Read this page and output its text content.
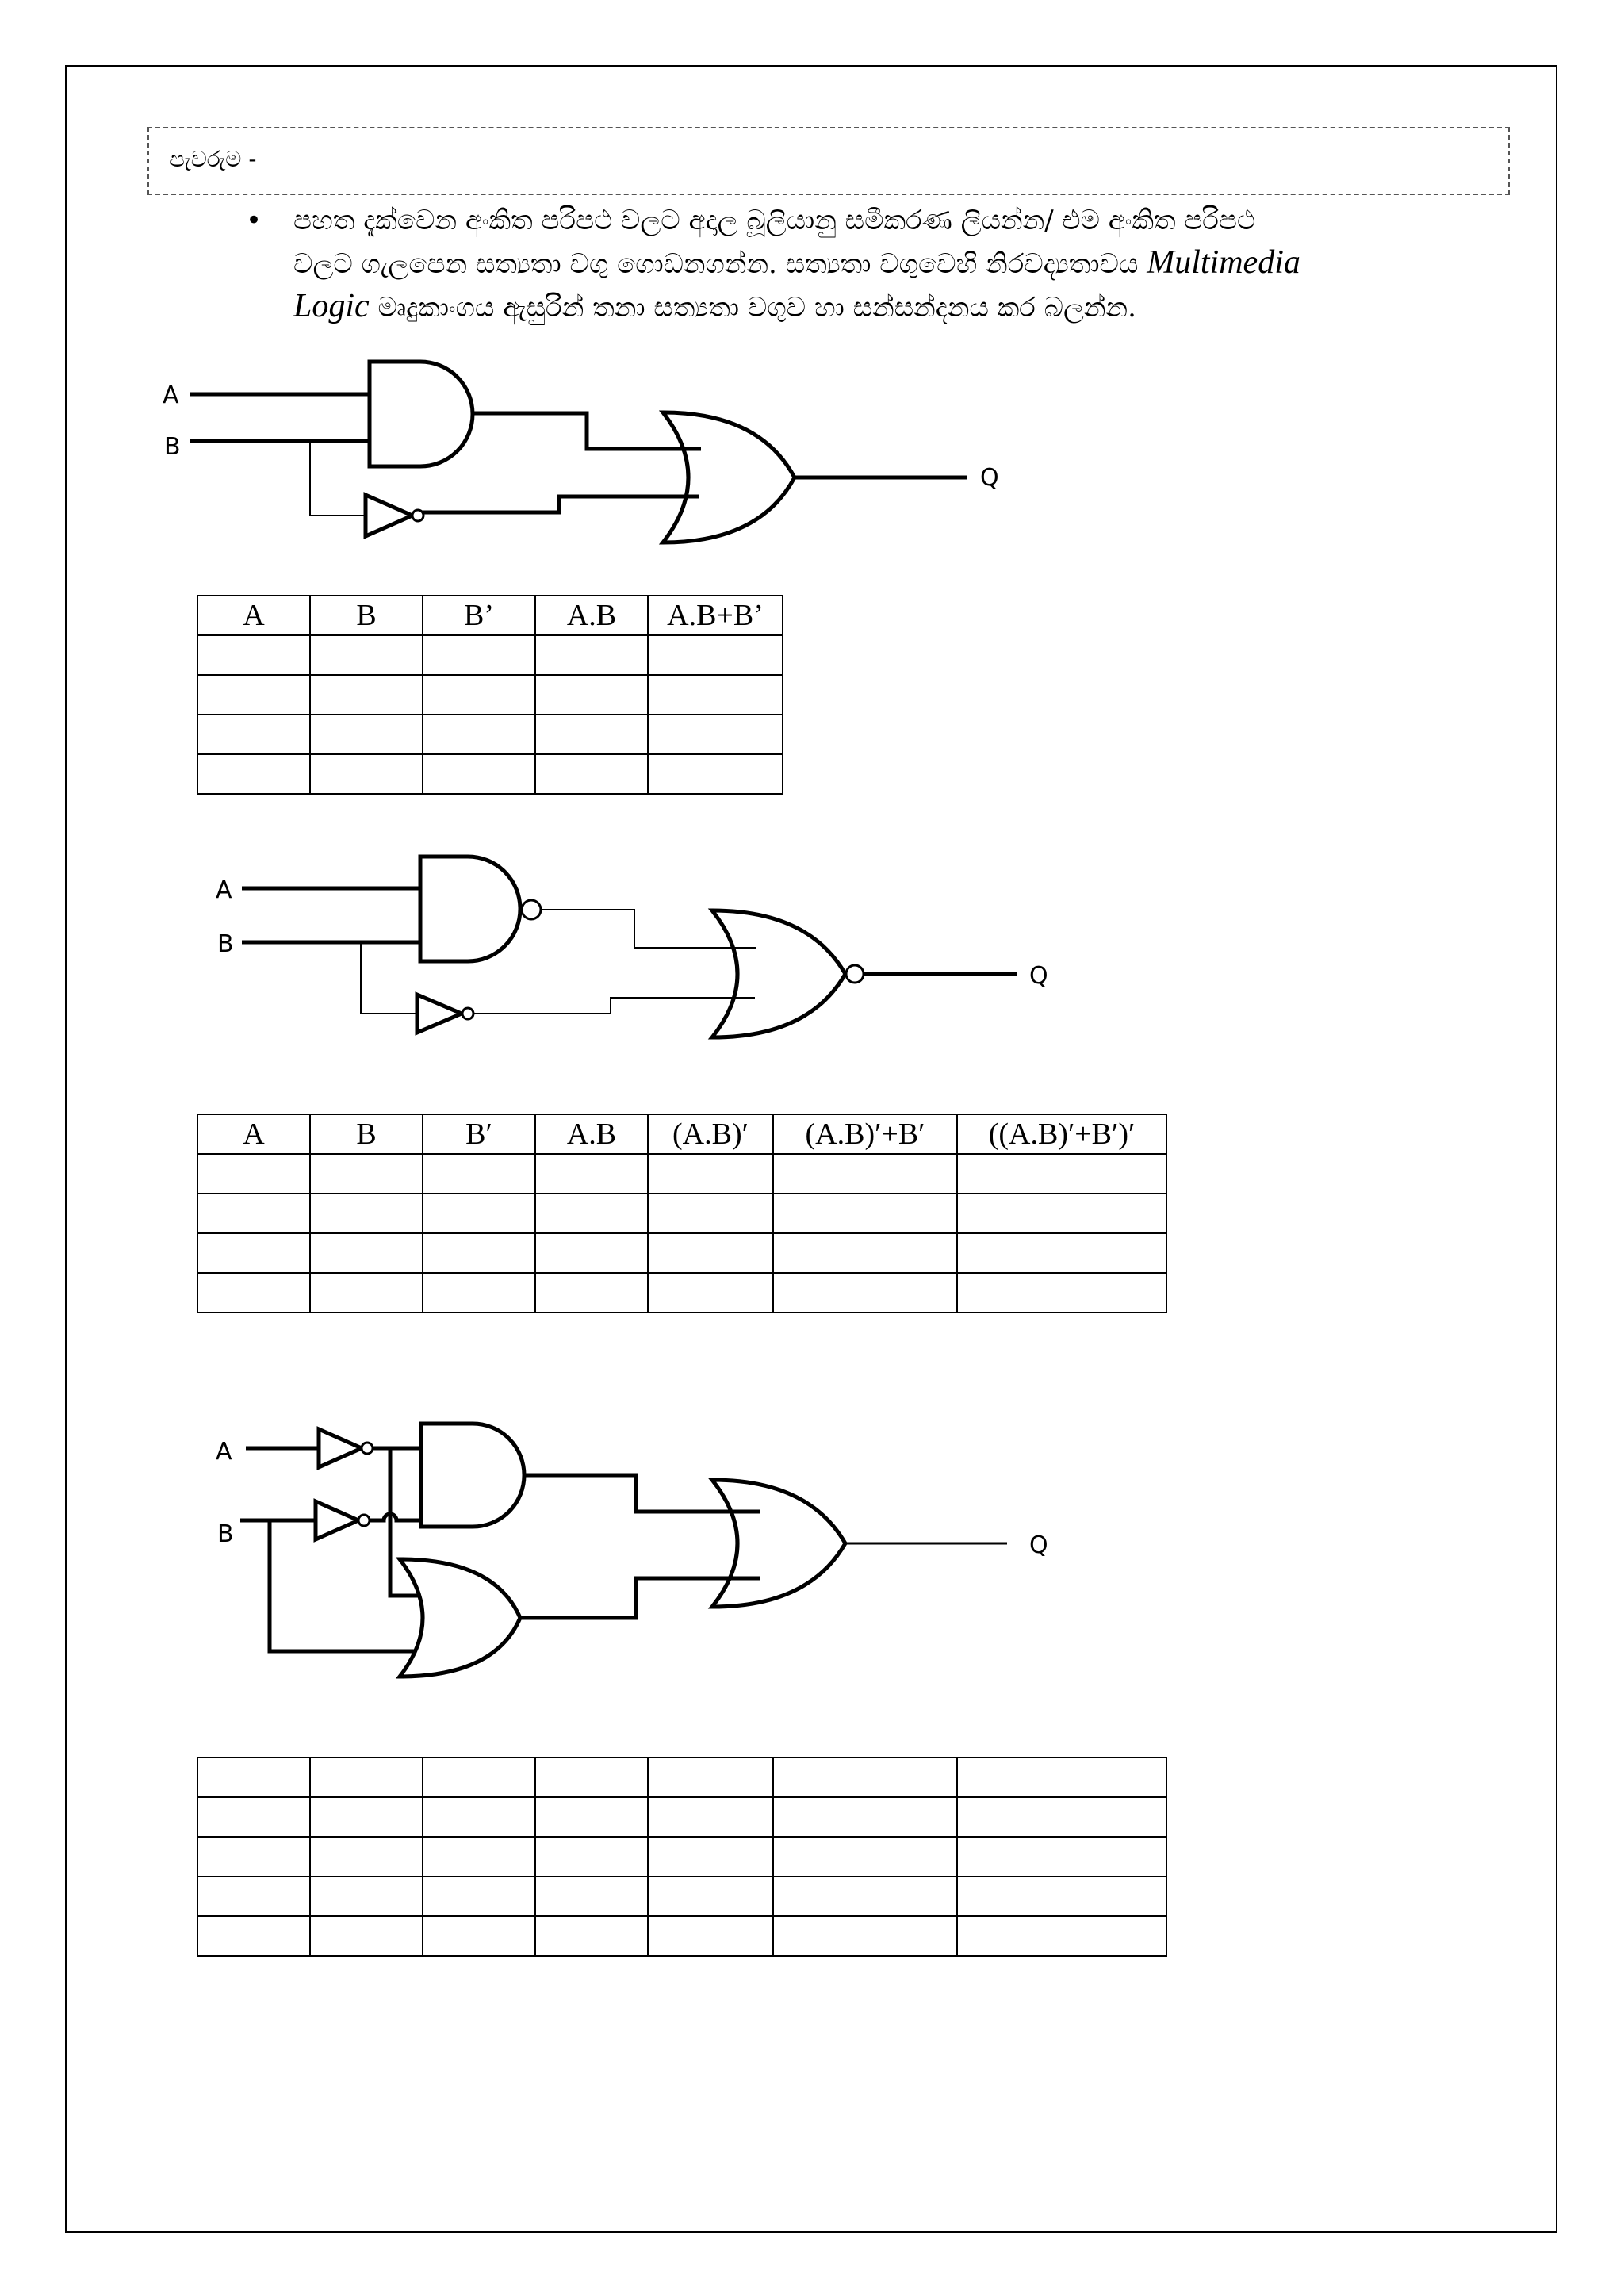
පැවරුම -
• පහත දැක්වෙන අංකිත පරිපථ වලට අදාල බූලියානු සමීකරණ ලියන්න/ එම අංකිත පරිපථ
වලට ගැලපෙන සත්‍යතා වගු ගොඩනගන්න. සත්‍යතා වගුවෙහි නිරවද්‍යතාවය Multimedia
Logic මෘදුකාංගය ඇසුරින් තනා සත්‍යතා වගුව හා සන්සන්දනය කර බලන්න.
A
B
Q
A	B	B’	A.B	A.B+B’

A
B
Q
A	B	B′	A.B	(A.B)′	(A.B)′+B′	((A.B)′+B′)′

A
B	Q
